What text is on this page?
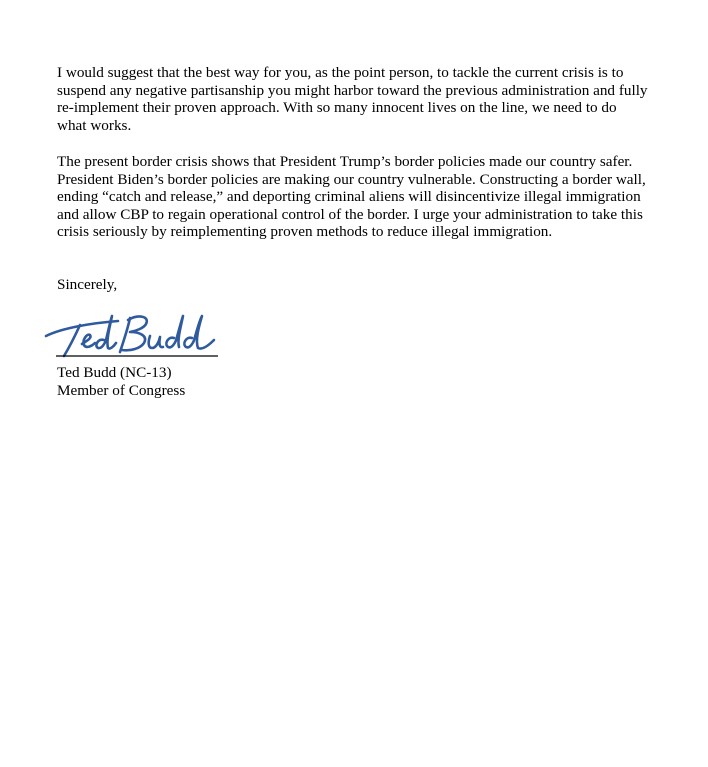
I would suggest that the best way for you, as the point person, to tackle the current crisis is to
suspend any negative partisanship you might harbor toward the previous administration and fully
re-implement their proven approach. With so many innocent lives on the line, we need to do
what works.

The present border crisis shows that President Trump’s border policies made our country safer.
President Biden’s border policies are making our country vulnerable. Constructing a border wall,
ending “catch and release,” and deporting criminal aliens will disincentivize illegal immigration
and allow CBP to regain operational control of the border. I urge your administration to take this
crisis seriously by reimplementing proven methods to reduce illegal immigration.

Sincerely,
Ted Budd (NC-13)
Member of Congress
